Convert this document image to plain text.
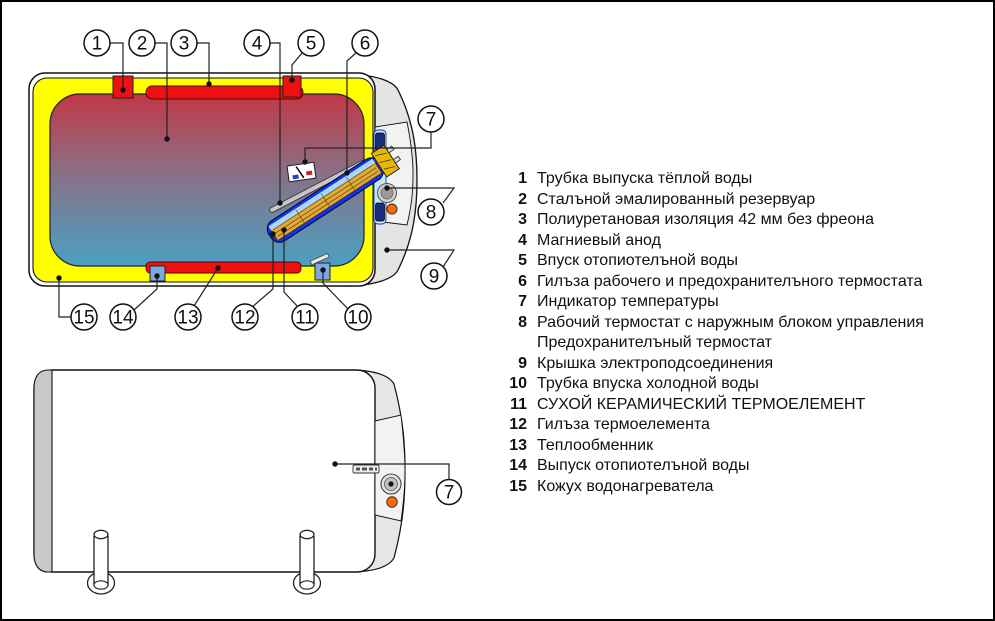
1 2 3	4 5 6
7
8
9
10
11
12
13
14
15
7
1 Трубка выпуска тёплой воды
2 Сталъной эмалированный резервуар
3 Полиуретановая изоляция 42 мм без фреона
4 Магниевый анод
5 Впуск отопиотелъной воды
6 Гилъза рабочего и предохранителъного термостата
7 Индикатор температуры
8 Рабочий термостат с наружным блоком управления
Предохранителъный термостат
9 Крышка электроподсоединения
10 Трубка впуска холодной воды
11 СУХОЙ КЕРАМИЧЕСКИЙ ТЕРМОЕЛЕМЕНТ
12 Гилъза термоелемента
13 Теплообменник
14 Выпуск отопиотелъной воды
15 Кожух водонагревателa
